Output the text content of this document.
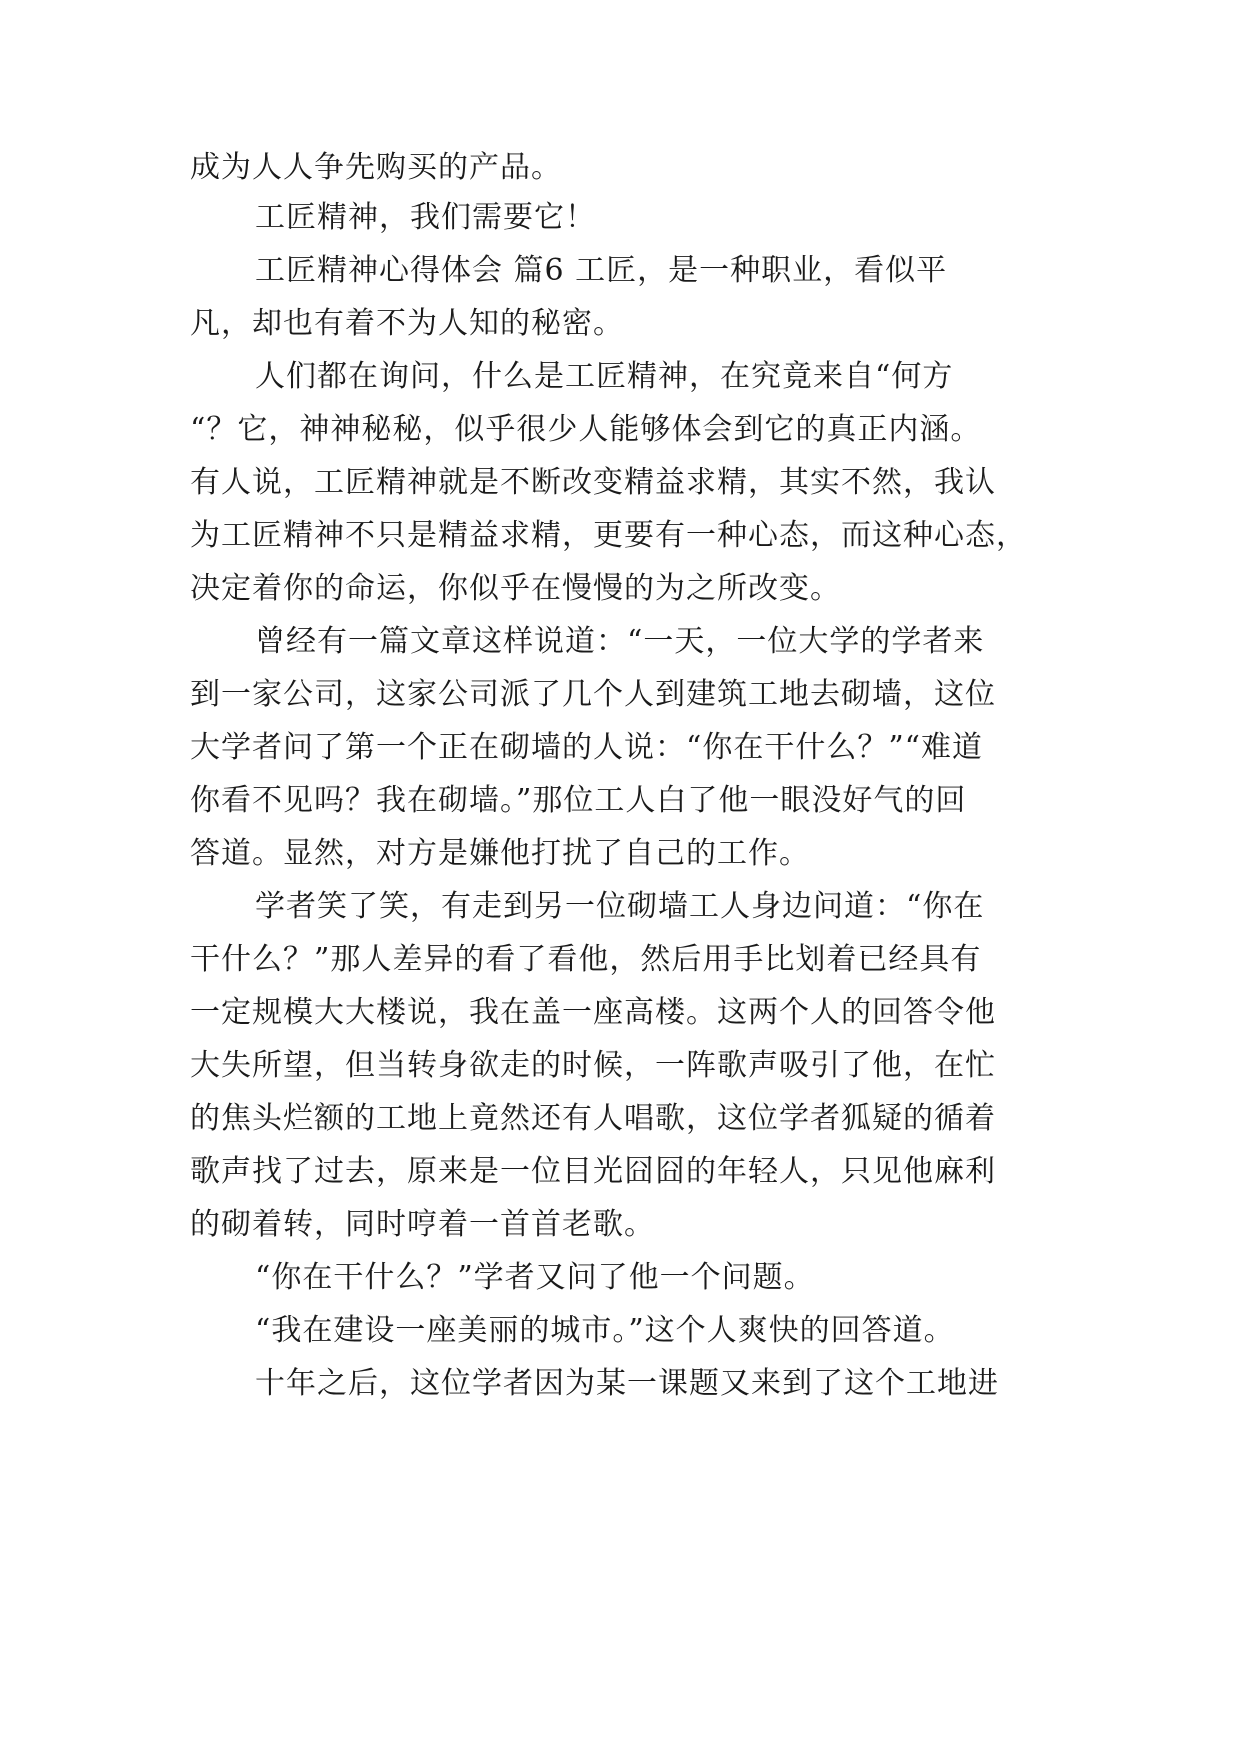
成为人人争先购买的产品。
工匠精神，我们需要它！
工匠精神心得体会 篇6 工匠，是一种职业，看似平
凡，却也有着不为人知的秘密。
人们都在询问，什么是工匠精神，在究竟来自“何方
“？它，神神秘秘，似乎很少人能够体会到它的真正内涵。
有人说，工匠精神就是不断改变精益求精，其实不然，我认
为工匠精神不只是精益求精，更要有一种心态，而这种心态，
决定着你的命运，你似乎在慢慢的为之所改变。
曾经有一篇文章这样说道：“一天，一位大学的学者来
到一家公司，这家公司派了几个人到建筑工地去砌墙，这位
大学者问了第一个正在砌墙的人说：“你在干什么？”“难道
你看不见吗？我在砌墙。”那位工人白了他一眼没好气的回
答道。显然，对方是嫌他打扰了自己的工作。
学者笑了笑，有走到另一位砌墙工人身边问道：“你在
干什么？”那人差异的看了看他，然后用手比划着已经具有
一定规模大大楼说，我在盖一座高楼。这两个人的回答令他
大失所望，但当转身欲走的时候，一阵歌声吸引了他，在忙
的焦头烂额的工地上竟然还有人唱歌，这位学者狐疑的循着
歌声找了过去，原来是一位目光囧囧的年轻人，只见他麻利
的砌着转，同时哼着一首首老歌。
“你在干什么？”学者又问了他一个问题。
“我在建设一座美丽的城市。”这个人爽快的回答道。
十年之后，这位学者因为某一课题又来到了这个工地进
